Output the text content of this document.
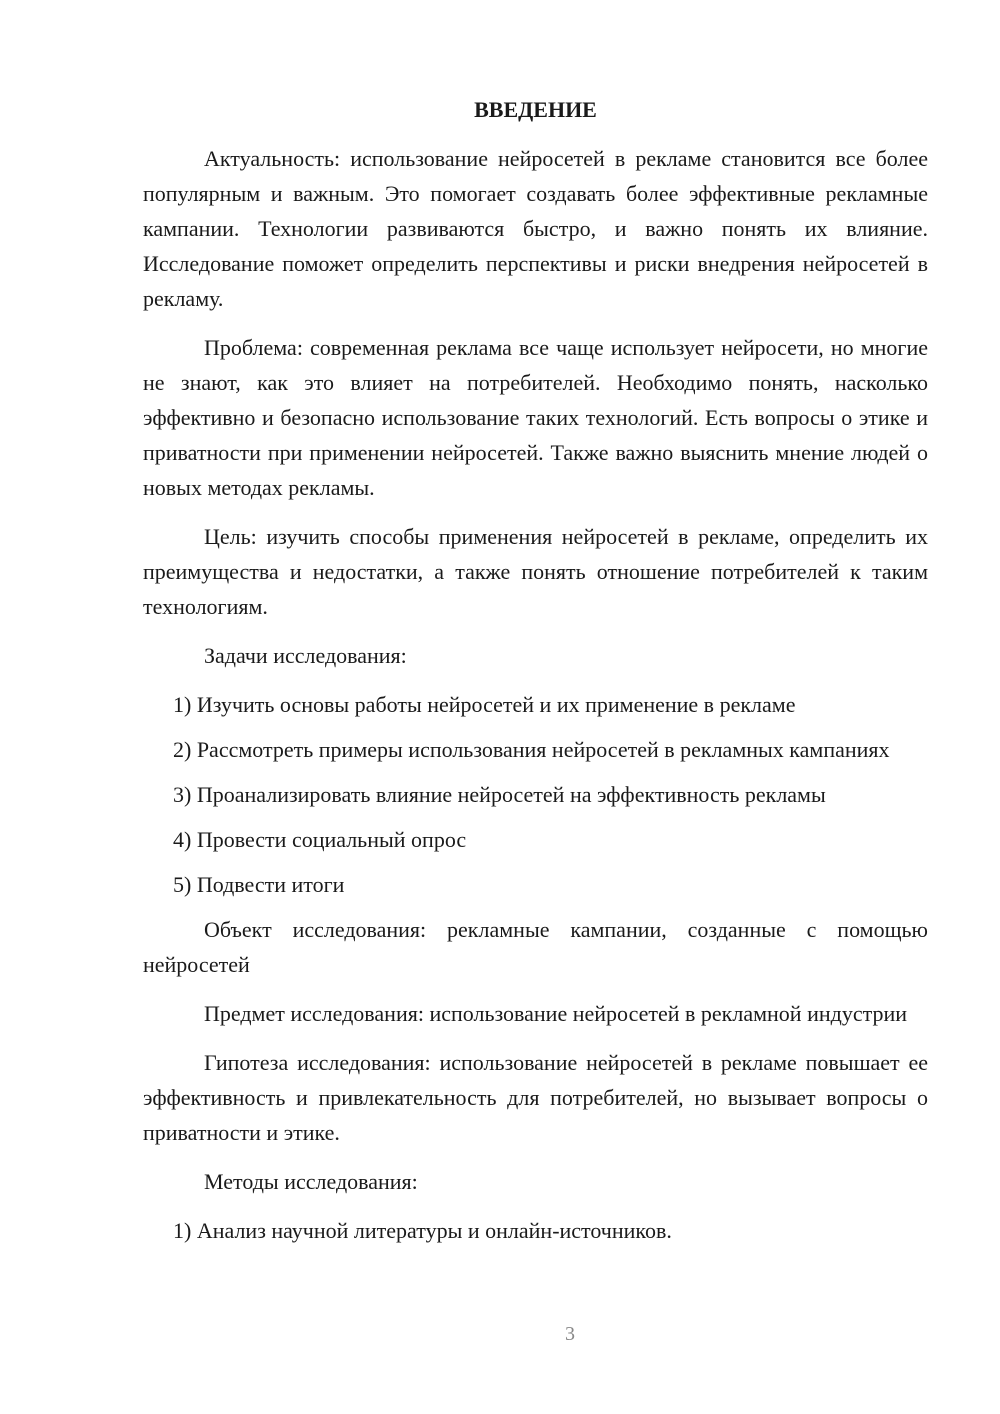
ВВЕДЕНИЕ

Актуальность: использование нейросетей в рекламе становится все более популярным и важным. Это помогает создавать более эффективные рекламные кампании. Технологии развиваются быстро, и важно понять их влияние. Исследование поможет определить перспективы и риски внедрения нейросетей в рекламу.

Проблема: современная реклама все чаще использует нейросети, но многие не знают, как это влияет на потребителей. Необходимо понять, насколько эффективно и безопасно использование таких технологий. Есть вопросы о этике и приватности при применении нейросетей. Также важно выяснить мнение людей о новых методах рекламы.

Цель: изучить способы применения нейросетей в рекламе, определить их преимущества и недостатки, а также понять отношение потребителей к таким технологиям.

Задачи исследования:

1) Изучить основы работы нейросетей и их применение в рекламе

2) Рассмотреть примеры использования нейросетей в рекламных кампаниях

3) Проанализировать влияние нейросетей на эффективность рекламы

4) Провести социальный опрос

5) Подвести итоги

Объект исследования: рекламные кампании, созданные с помощью нейросетей

Предмет исследования: использование нейросетей в рекламной индустрии

Гипотеза исследования: использование нейросетей в рекламе повышает ее эффективность и привлекательность для потребителей, но вызывает вопросы о приватности и этике.

Методы исследования:

1) Анализ научной литературы и онлайн-источников.

3
